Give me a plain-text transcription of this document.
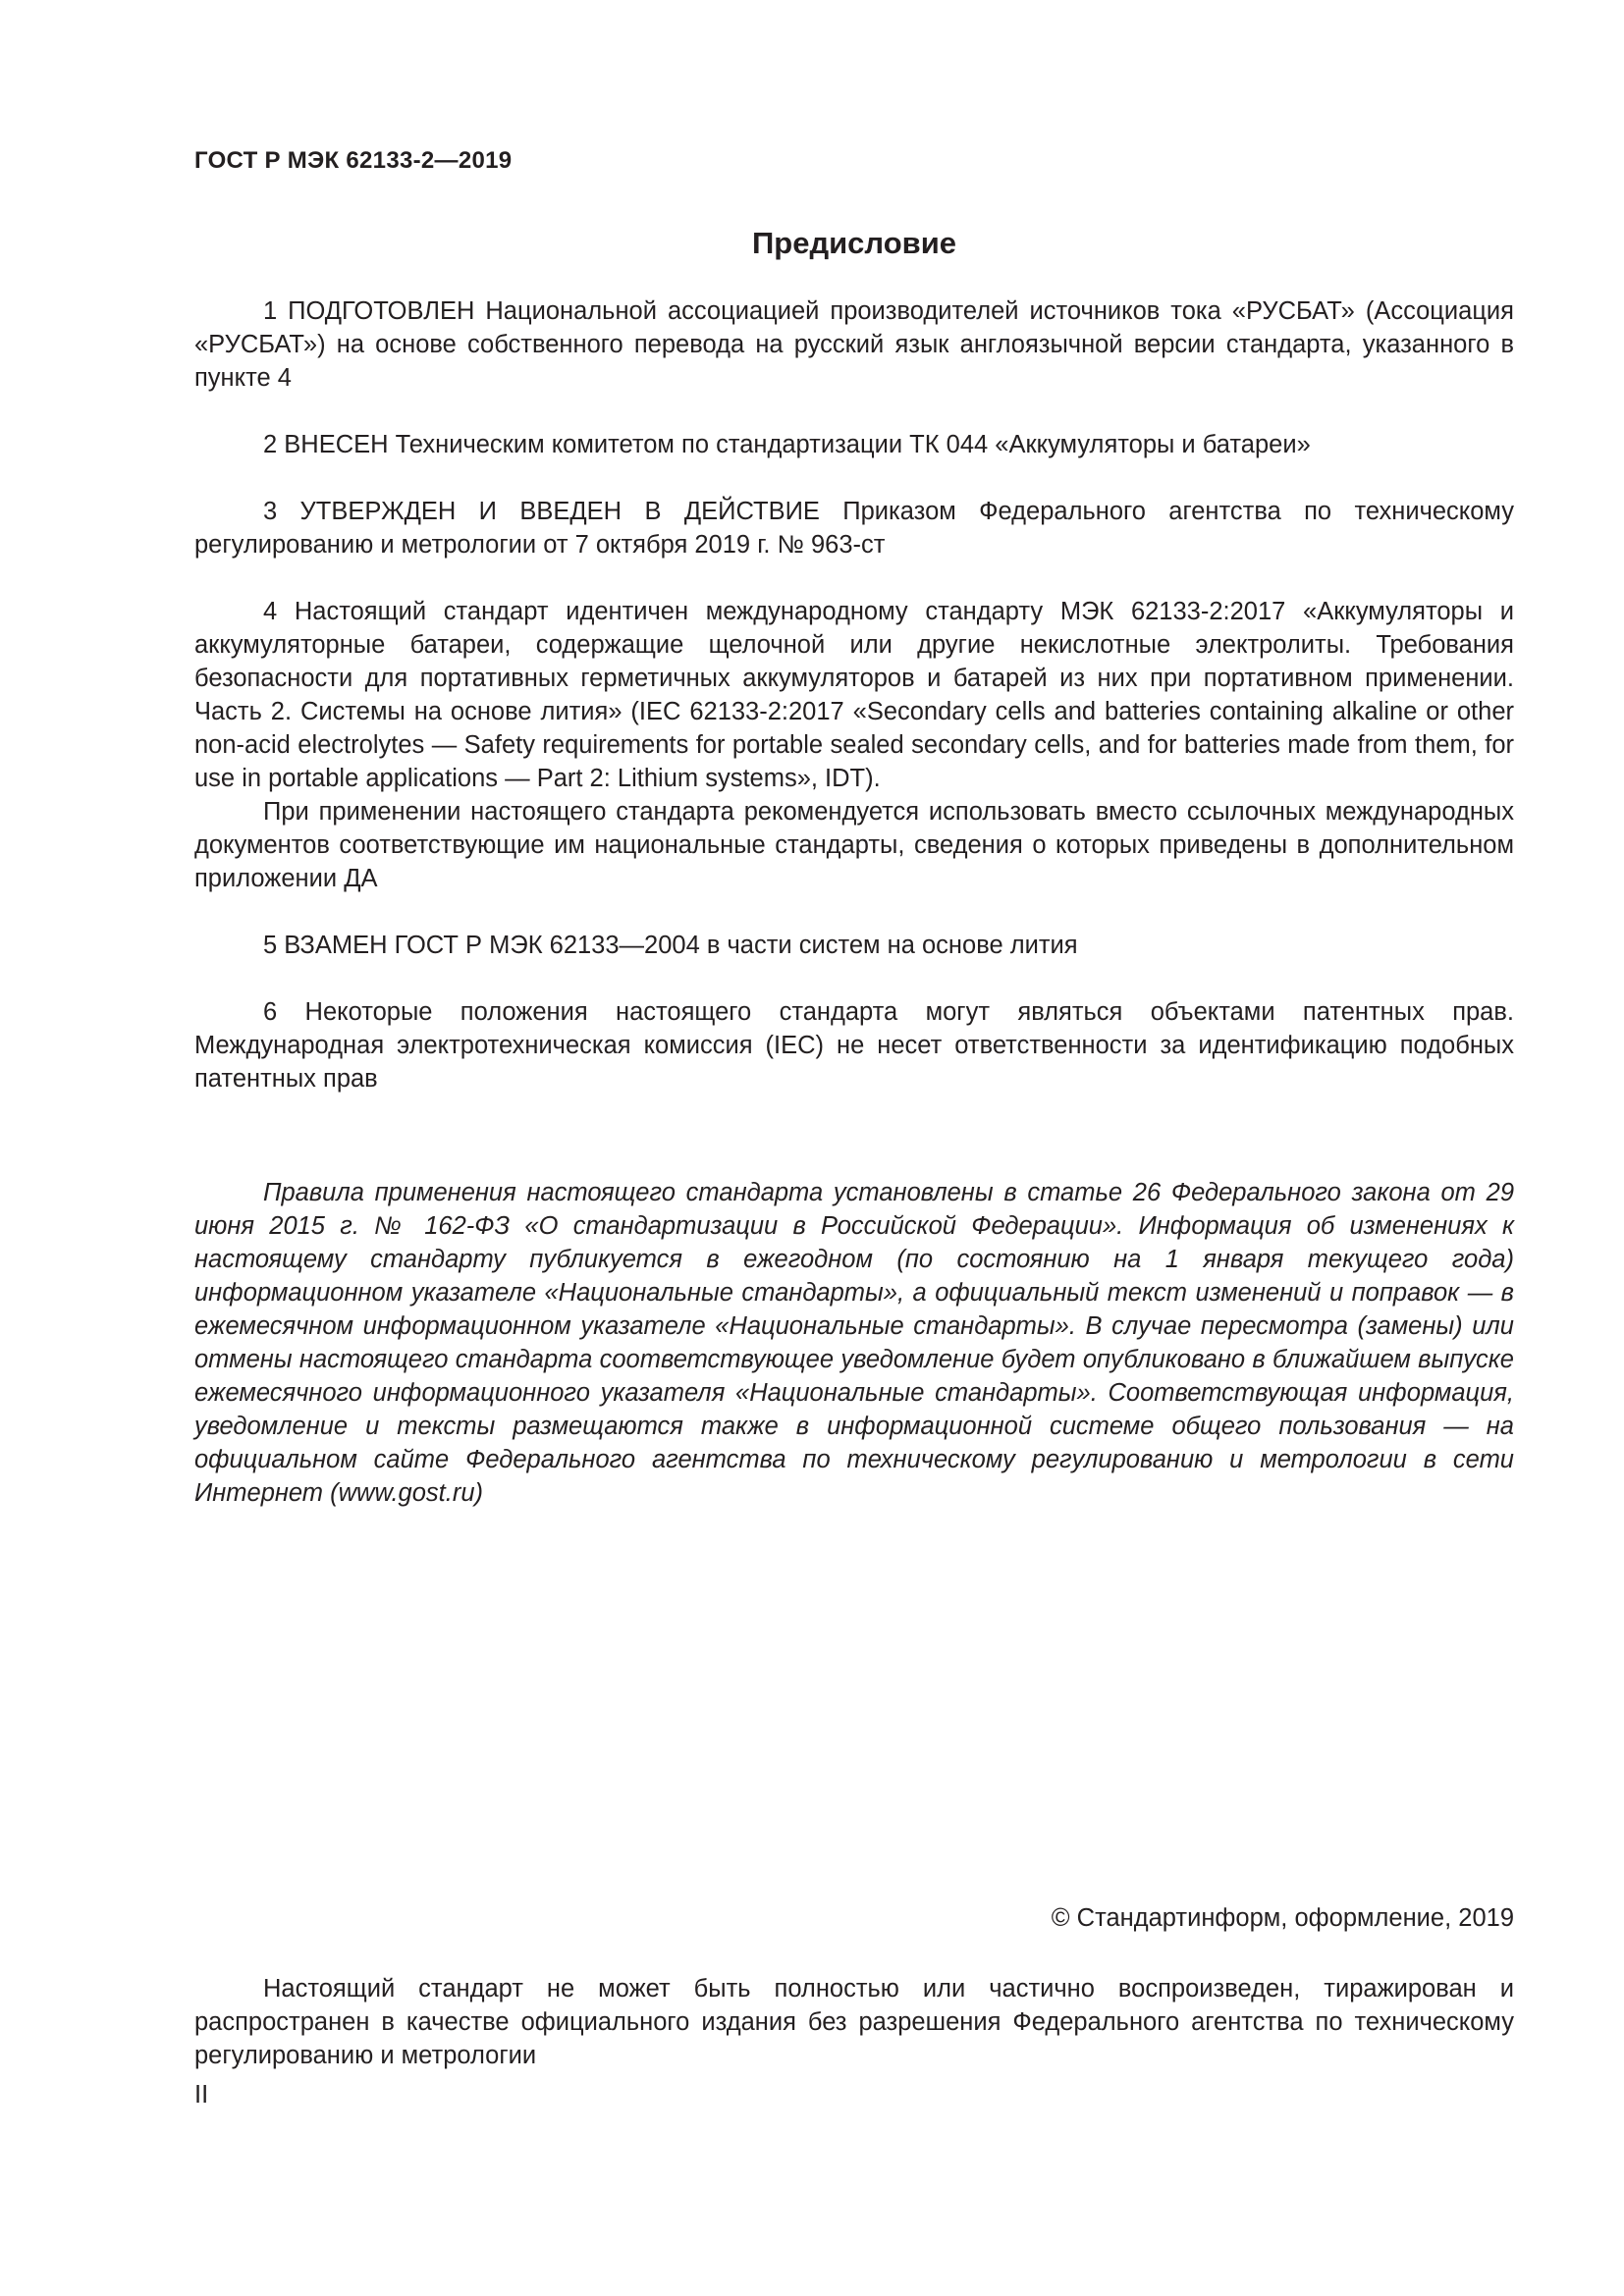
ГОСТ Р МЭК 62133-2—2019
Предисловие

1 ПОДГОТОВЛЕН Национальной ассоциацией производителей источников тока «РУСБАТ» (Ассоциация «РУСБАТ») на основе собственного перевода на русский язык англоязычной версии стандарта, указанного в пункте 4

2 ВНЕСЕН Техническим комитетом по стандартизации ТК 044 «Аккумуляторы и батареи»

3 УТВЕРЖДЕН И ВВЕДЕН В ДЕЙСТВИЕ Приказом Федерального агентства по техническому регулированию и метрологии от 7 октября 2019 г. № 963-ст

4 Настоящий стандарт идентичен международному стандарту МЭК 62133-2:2017 «Аккумуляторы и аккумуляторные батареи, содержащие щелочной или другие некислотные электролиты. Требования безопасности для портативных герметичных аккумуляторов и батарей из них при портативном применении. Часть 2. Системы на основе лития» (IEC 62133-2:2017 «Secondary cells and batteries containing alkaline or other non-acid electrolytes — Safety requirements for portable sealed secondary cells, and for batteries made from them, for use in portable applications — Part 2: Lithium systems», IDT).

При применении настоящего стандарта рекомендуется использовать вместо ссылочных международных документов соответствующие им национальные стандарты, сведения о которых приведены в дополнительном приложении ДА

5 ВЗАМЕН ГОСТ Р МЭК 62133—2004 в части систем на основе лития

6 Некоторые положения настоящего стандарта могут являться объектами патентных прав. Международная электротехническая комиссия (IEC) не несет ответственности за идентификацию подобных патентных прав

Правила применения настоящего стандарта установлены в статье 26 Федерального закона от 29 июня 2015 г. № 162-ФЗ «О стандартизации в Российской Федерации». Информация об изменениях к настоящему стандарту публикуется в ежегодном (по состоянию на 1 января текущего года) информационном указателе «Национальные стандарты», а официальный текст изменений и поправок — в ежемесячном информационном указателе «Национальные стандарты». В случае пересмотра (замены) или отмены настоящего стандарта соответствующее уведомление будет опубликовано в ближайшем выпуске ежемесячного информационного указателя «Национальные стандарты». Соответствующая информация, уведомление и тексты размещаются также в информационной системе общего пользования — на официальном сайте Федерального агентства по техническому регулированию и метрологии в сети Интернет (www.gost.ru)

© Стандартинформ, оформление, 2019

Настоящий стандарт не может быть полностью или частично воспроизведен, тиражирован и распространен в качестве официального издания без разрешения Федерального агентства по техническому регулированию и метрологии

II
